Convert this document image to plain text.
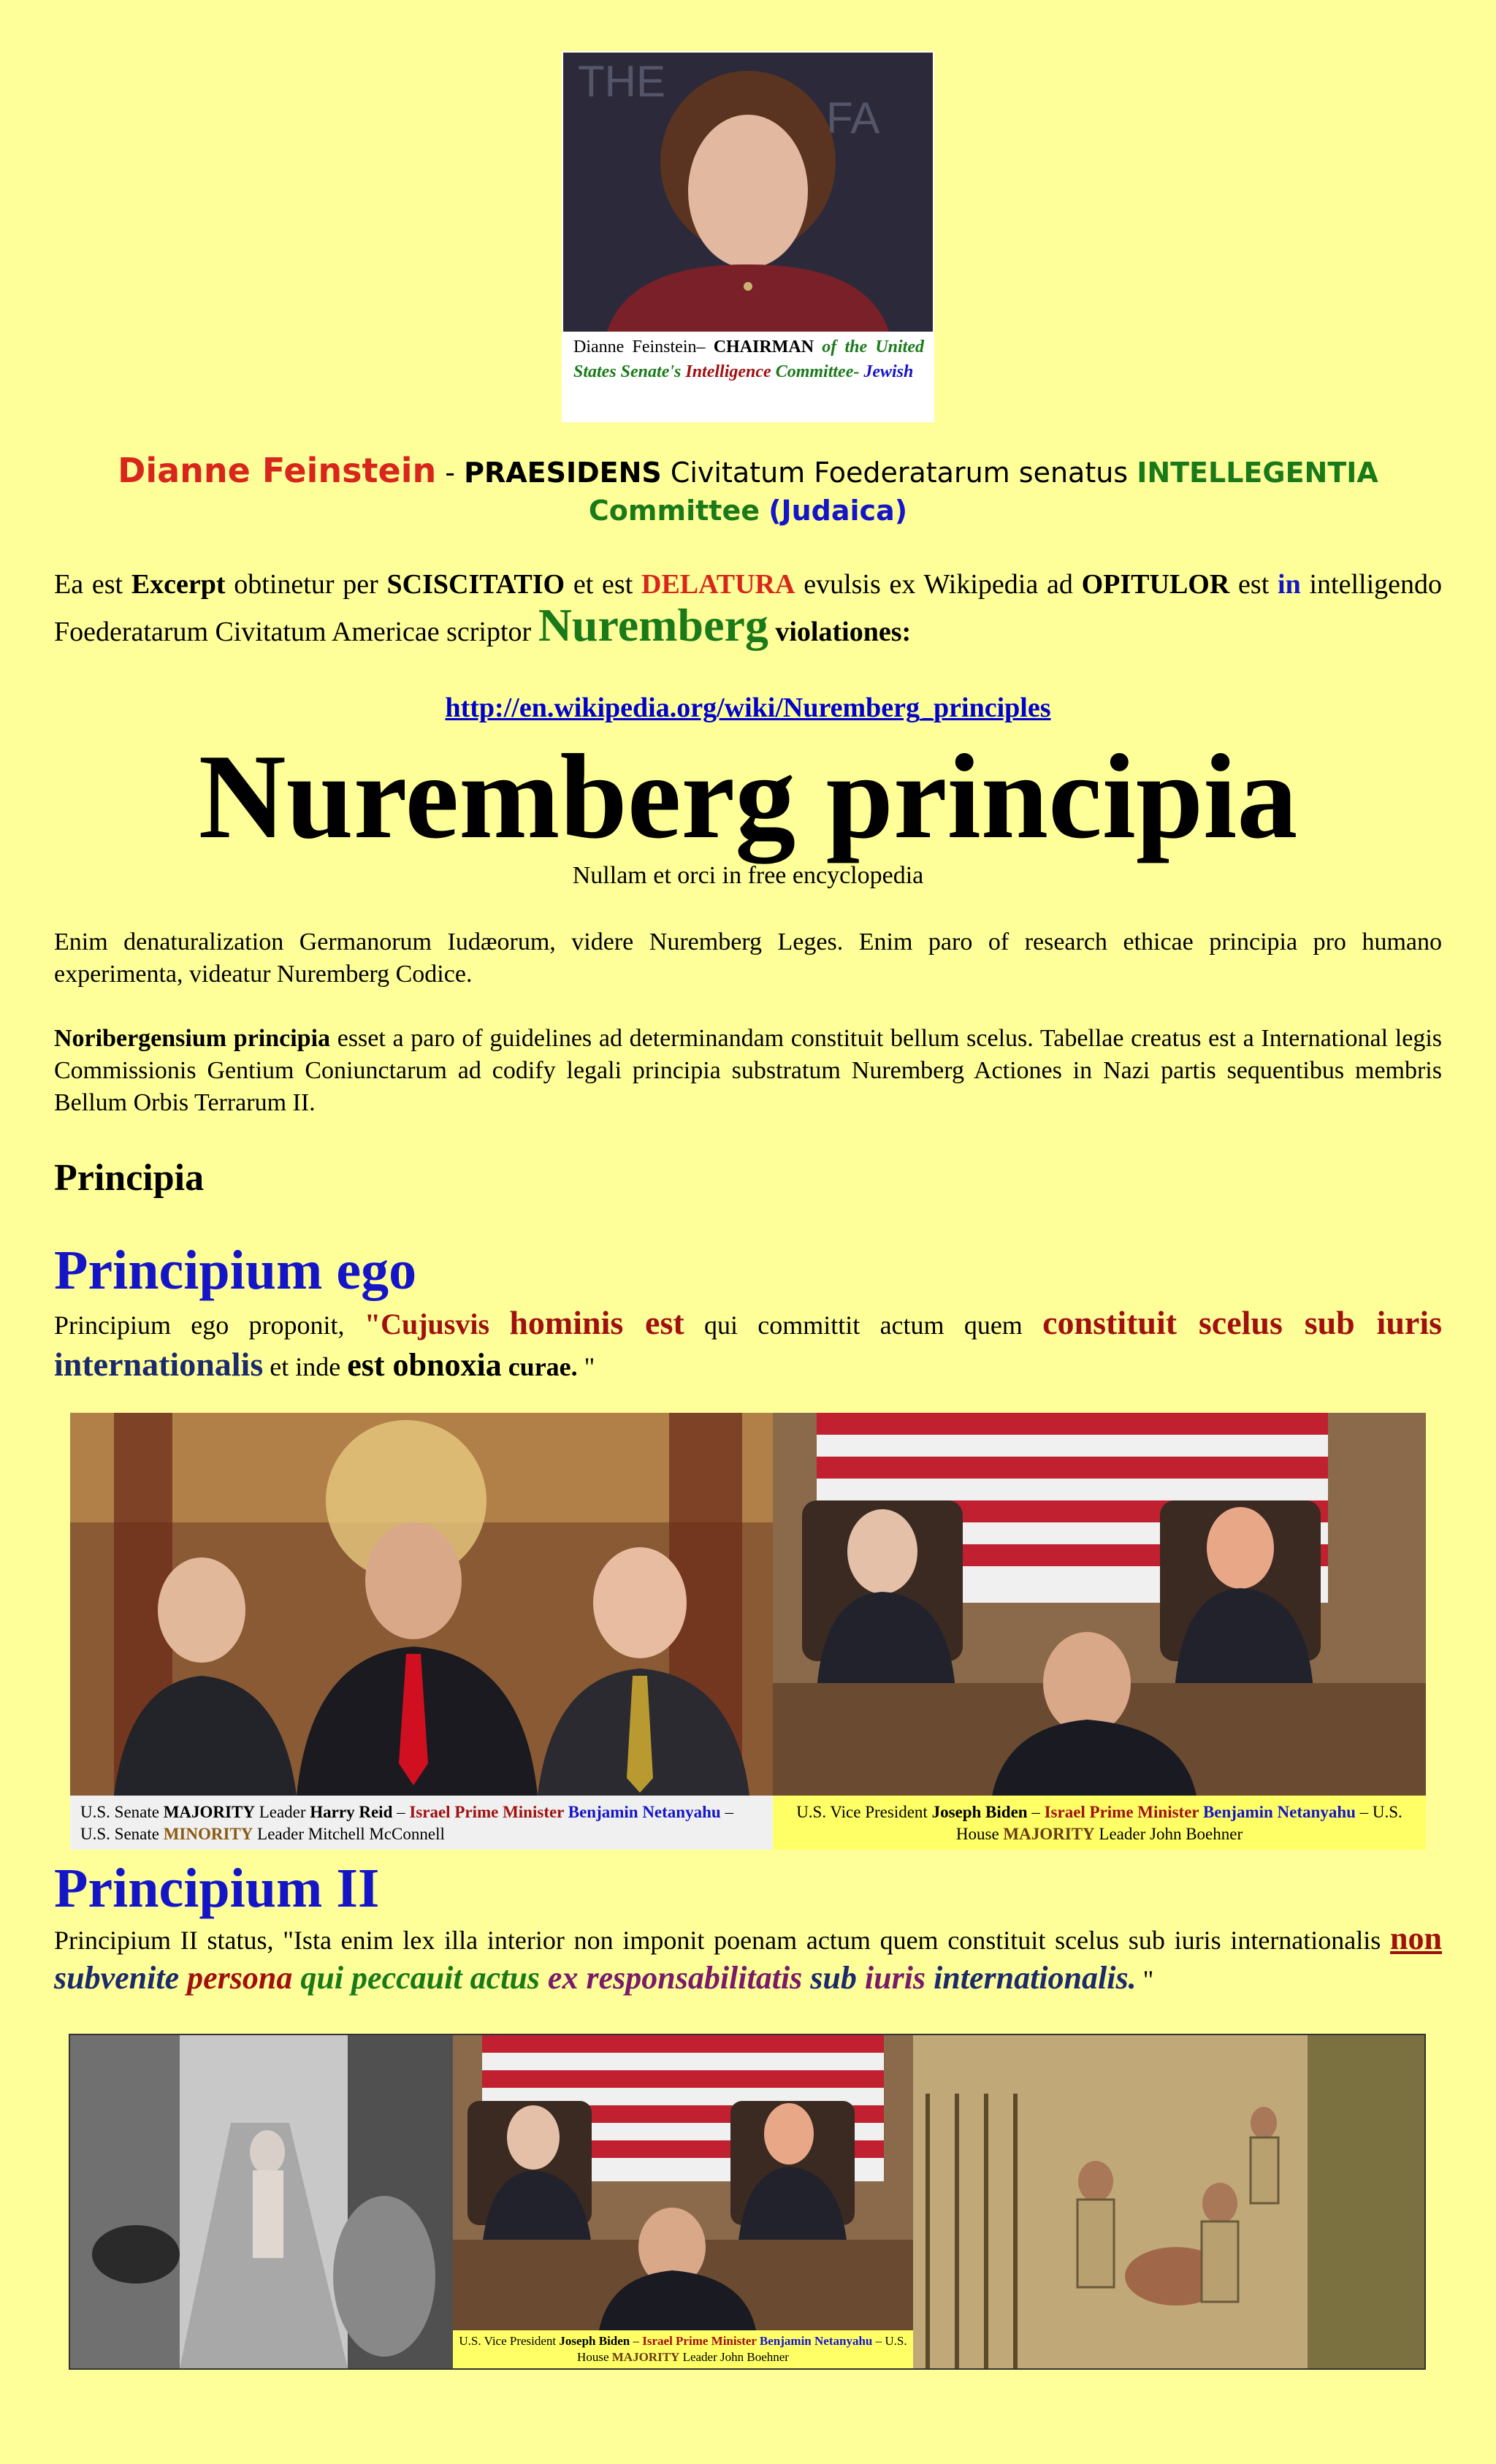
THE
FA
Dianne Feinstein– CHAIRMAN of the United States Senate's Intelligence Committee- Jewish
Dianne Feinstein - PRAESIDENS Civitatum Foederatarum senatus INTELLEGENTIA
Committee (Judaica)
Ea est Excerpt obtinetur per SCISCITATIO et est DELATURA evulsis ex Wikipedia ad OPITULOR est in intelligendo Foederatarum Civitatum Americae scriptor Nuremberg violationes:
http://en.wikipedia.org/wiki/Nuremberg_principles
Nuremberg principia
Nullam et orci in free encyclopedia
Enim denaturalization Germanorum Iudæorum, videre Nuremberg Leges. Enim paro of research ethicae principia pro humano experimenta, videatur Nuremberg Codice.
Noribergensium principia esset a paro of guidelines ad determinandam constituit bellum scelus. Tabellae creatus est a International legis Commissionis Gentium Coniunctarum ad codify legali principia substratum Nuremberg Actiones in Nazi partis sequentibus membris Bellum Orbis Terrarum II.
Principia
Principium ego
Principium ego proponit, "Cujusvis hominis est qui committit actum quem constituit scelus sub iuris internationalis et inde est obnoxia curae. "
U.S. Senate MAJORITY Leader Harry Reid – Israel Prime Minister Benjamin Netanyahu – U.S. Senate MINORITY Leader Mitchell McConnell
U.S. Vice President Joseph Biden – Israel Prime Minister Benjamin Netanyahu – U.S. House MAJORITY Leader John Boehner
Principium II
Principium II status, "Ista enim lex illa interior non imponit poenam actum quem constituit scelus sub iuris internationalis non subvenite persona qui peccauit actus ex responsabilitatis sub iuris internationalis. "
U.S. Vice President Joseph Biden – Israel Prime Minister Benjamin Netanyahu – U.S. House MAJORITY Leader John Boehner
